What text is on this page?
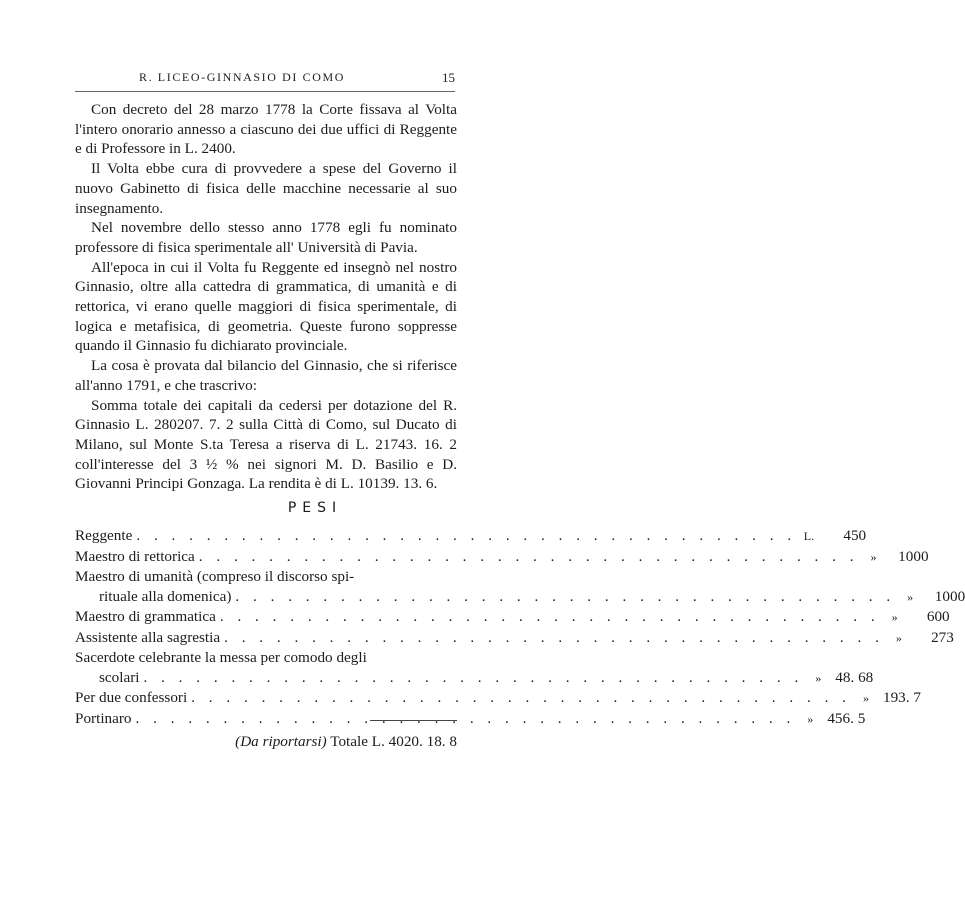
R. LICEO-GINNASIO DI COMO	15

Con decreto del 28 marzo 1778 la Corte fissava al Volta l'intero onorario annesso a ciascuno dei due uffici di Reggente e di Professore in L. 2400.

Il Volta ebbe cura di provvedere a spese del Governo il nuovo Gabinetto di fisica delle macchine necessarie al suo insegnamento.

Nel novembre dello stesso anno 1778 egli fu nominato professore di fisica sperimentale all' Università di Pavia.

All'epoca in cui il Volta fu Reggente ed insegnò nel nostro Ginnasio, oltre alla cattedra di grammatica, di umanità e di rettorica, vi erano quelle maggiori di fisica sperimentale, di logica e metafisica, di geometria. Queste furono soppresse quando il Ginnasio fu dichiarato provinciale.

La cosa è provata dal bilancio del Ginnasio, che si riferisce all'anno 1791, e che trascrivo:

Somma totale dei capitali da cedersi per dotazione del R. Ginnasio L. 280207. 7. 2 sulla Città di Como, sul Ducato di Milano, sul Monte S.ta Teresa a riserva di L. 21743. 16. 2 coll'interesse del 3 ½ % nei signori M. D. Basilio e D. Giovanni Principi Gonzaga. La rendita è di L. 10139. 13. 6.

PESI
Reggente . . . . . . . . . . . . . . . . . . . . . . . . . . . . . . . . . . . . . . L.	450
Maestro di rettorica . . . . . . . . . . . . . . . . . . . . . . . . . . . . . . . . . . . . . .	»	1000
Maestro di umanità (compreso il discorso spi-
rituale alla domenica) . . . . . . . . . . . . . . . . . . . . . . . . . . . . . . . . . . . . . .	»	1000
Maestro di grammatica . . . . . . . . . . . . . . . . . . . . . . . . . . . . . . . . . . . . . .	»	600
Assistente alla sagrestia . . . . . . . . . . . . . . . . . . . . . . . . . . . . . . . . . . . . . .	»	273
Sacerdote celebrante la messa per comodo degli
scolari . . . . . . . . . . . . . . . . . . . . . . . . . . . . . . . . . . . . . .	» 48. 68
Per due confessori . . . . . . . . . . . . . . . . . . . . . . . . . . . . . . . . . . . . . .	» 193. 7
Portinaro . . . . . . . . . . . . . . . . . . . . . . . . . . . . . . . . . . . . . .	» 456. 5
(Da riportarsi) Totale L. 4020. 18. 8
